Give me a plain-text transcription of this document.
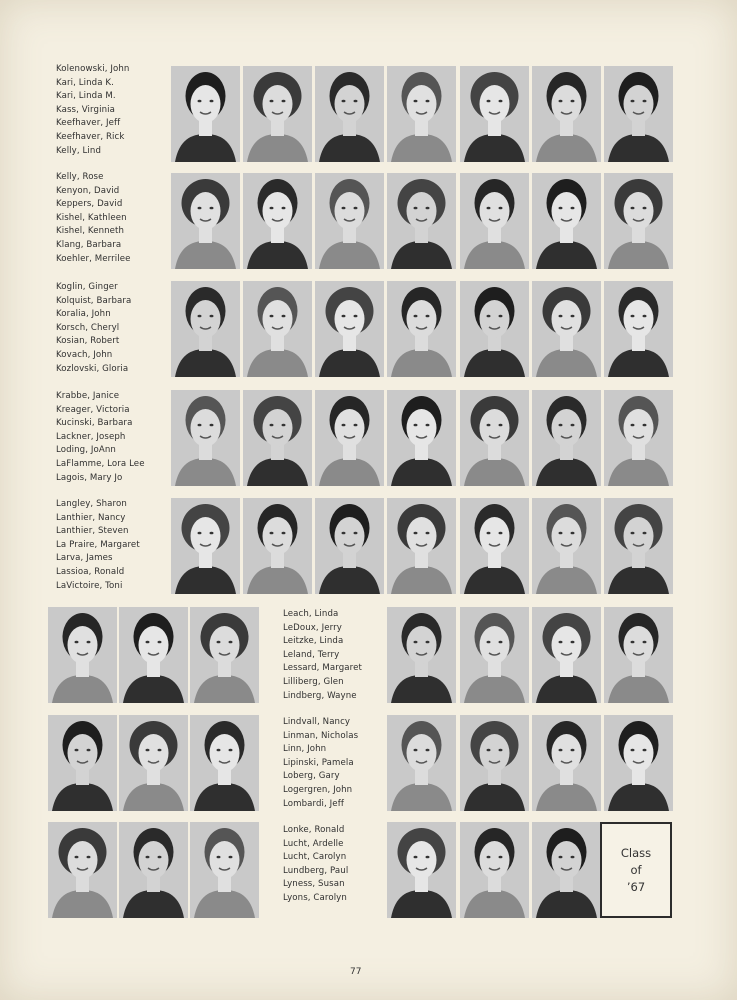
Kolenowski, John
Kari, Linda K.
Kari, Linda M.
Kass, Virginia
Keefhaver, Jeff
Keefhaver, Rick
Kelly, Lind
Kelly, Rose
Kenyon, David
Keppers, David
Kishel, Kathleen
Kishel, Kenneth
Klang, Barbara
Koehler, Merrilee
Koglin, Ginger
Kolquist, Barbara
Koralia, John
Korsch, Cheryl
Kosian, Robert
Kovach, John
Kozlovski, Gloria
Krabbe, Janice
Kreager, Victoria
Kucinski, Barbara
Lackner, Joseph
Loding, JoAnn
LaFlamme, Lora Lee
Lagois, Mary Jo
Langley, Sharon
Lanthier, Nancy
Lanthier, Steven
La Praire, Margaret
Larva, James
Lassioa, Ronald
LaVictoire, Toni
Leach, Linda
LeDoux, Jerry
Leitzke, Linda
Leland, Terry
Lessard, Margaret
Lilliberg, Glen
Lindberg, Wayne
Lindvall, Nancy
Linman, Nicholas
Linn, John
Lipinski, Pamela
Loberg, Gary
Logergren, John
Lombardi, Jeff
Lonke, Ronald
Lucht, Ardelle
Lucht, Carolyn
Lundberg, Paul
Lyness, Susan
Lyons, Carolyn
Class
of
’67
77
